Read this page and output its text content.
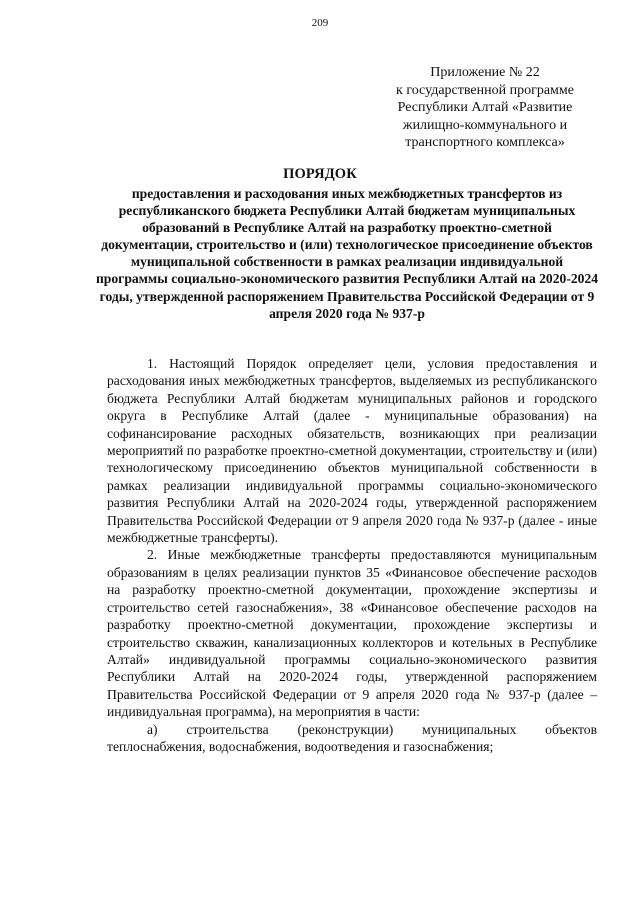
209
Приложение № 22
к государственной программе
Республики Алтай «Развитие
жилищно-коммунального и
транспортного комплекса»
ПОРЯДОК
предоставления и расходования иных межбюджетных трансфертов из республиканского бюджета Республики Алтай бюджетам муниципальных образований в Республике Алтай на разработку проектно-сметной документации, строительство и (или) технологическое присоединение объектов муниципальной собственности в рамках реализации индивидуальной программы социально-экономического развития Республики Алтай на 2020-2024 годы, утвержденной распоряжением Правительства Российской Федерации от 9 апреля 2020 года № 937-р

1. Настоящий Порядок определяет цели, условия предоставления и расходования иных межбюджетных трансфертов, выделяемых из республиканского бюджета Республики Алтай бюджетам муниципальных районов и городского округа в Республике Алтай (далее - муниципальные образования) на софинансирование расходных обязательств, возникающих при реализации мероприятий по разработке проектно-сметной документации, строительству и (или) технологическому присоединению объектов муниципальной собственности в рамках реализации индивидуальной программы социально-экономического развития Республики Алтай на 2020-2024 годы, утвержденной распоряжением Правительства Российской Федерации от 9 апреля 2020 года № 937-р (далее - иные межбюджетные трансферты).

2. Иные межбюджетные трансферты предоставляются муниципальным образованиям в целях реализации пунктов 35 «Финансовое обеспечение расходов на разработку проектно-сметной документации, прохождение экспертизы и строительство сетей газоснабжения», 38 «Финансовое обеспечение расходов на разработку проектно-сметной документации, прохождение экспертизы и строительство скважин, канализационных коллекторов и котельных в Республике Алтай» индивидуальной программы социально-экономического развития Республики Алтай на 2020-2024 годы, утвержденной распоряжением Правительства Российской Федерации от 9 апреля 2020 года № 937-р (далее – индивидуальная программа), на мероприятия в части:

а) строительства (реконструкции) муниципальных объектов теплоснабжения, водоснабжения, водоотведения и газоснабжения;
